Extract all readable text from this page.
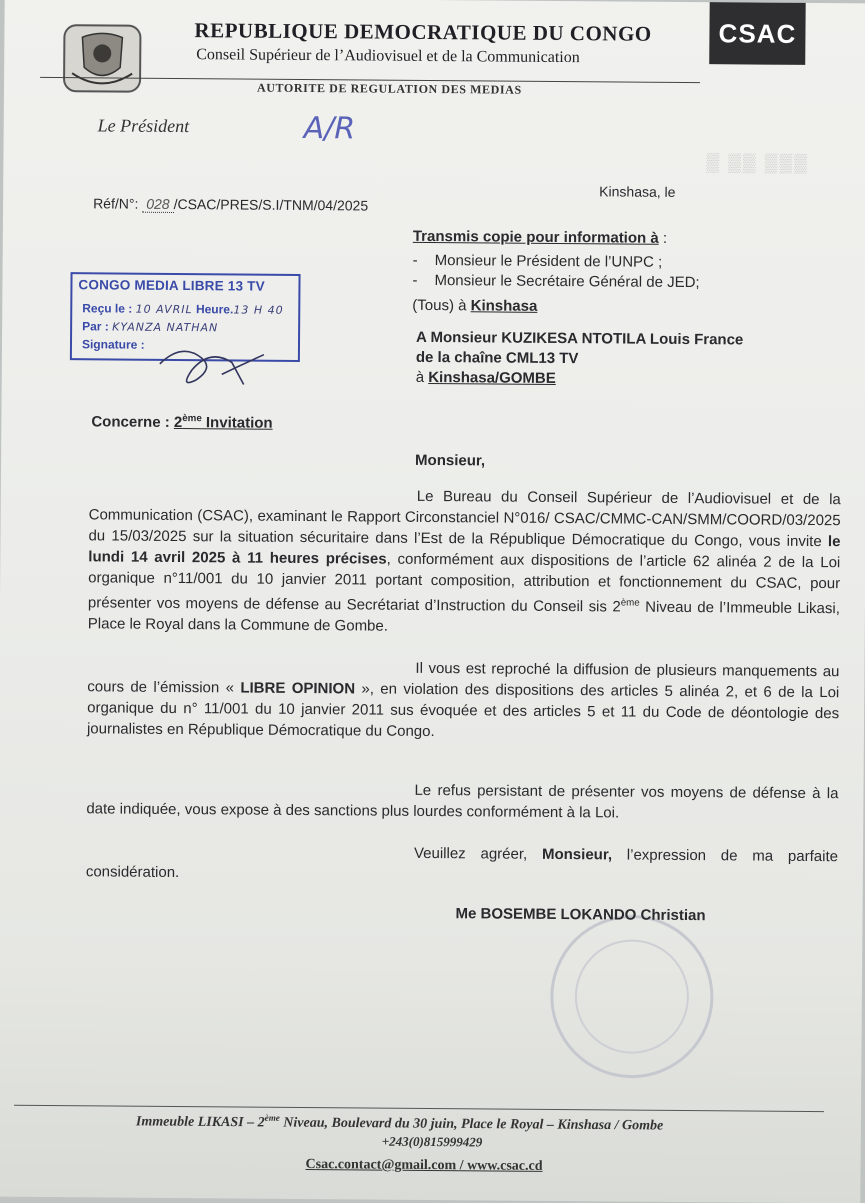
REPUBLIQUE DEMOCRATIQUE DU CONGO
Conseil Supérieur de l’Audiovisuel et de la Communication
AUTORITE DE REGULATION DES MEDIAS
CSAC
Le Président	A/R
Réf/N°: 028 /CSAC/PRES/S.I/TNM/04/2025
Kinshasa, le
▒ ▒▒ ▒▒▒
Transmis copie pour information à :
- Monsieur le Président de l’UNPC ;
- Monsieur le Secrétaire Général de JED;
(Tous) à Kinshasa
CONGO MEDIA LIBRE 13 TV
Reçu le : 10 AVRIL Heure.13 H 40
Par : KYANZA NATHAN
Signature :	A Monsieur KUZIKESA NTOTILA Louis France
de la chaîne CML13 TV
à Kinshasa/GOMBE
Concerne : 2ème Invitation
Monsieur,
Le Bureau du Conseil Supérieur de l’Audiovisuel et de la Communication (CSAC), examinant le Rapport Circonstanciel N°016/ CSAC/CMMC-CAN/SMM/COORD/03/2025 du 15/03/2025 sur la situation sécuritaire dans l’Est de la République Démocratique du Congo, vous invite le lundi 14 avril 2025 à 11 heures précises, conformément aux dispositions de l’article 62 alinéa 2 de la Loi organique n°11/001 du 10 janvier 2011 portant composition, attribution et fonctionnement du CSAC, pour présenter vos moyens de défense au Secrétariat d’Instruction du Conseil sis 2ème Niveau de l’Immeuble Likasi, Place le Royal dans la Commune de Gombe.
Il vous est reproché la diffusion de plusieurs manquements au cours de l’émission « LIBRE OPINION », en violation des dispositions des articles 5 alinéa 2, et 6 de la Loi organique du n° 11/001 du 10 janvier 2011 sus évoquée et des articles 5 et 11 du Code de déontologie des journalistes en République Démocratique du Congo.
Le refus persistant de présenter vos moyens de défense à la date indiquée, vous expose à des sanctions plus lourdes conformément à la Loi.
Veuillez agréer, Monsieur, l’expression de ma parfaite considération.
Me BOSEMBE LOKANDO Christian
Immeuble LIKASI – 2ème Niveau, Boulevard du 30 juin, Place le Royal – Kinshasa / Gombe
+243(0)815999429
Csac.contact@gmail.com / www.csac.cd
